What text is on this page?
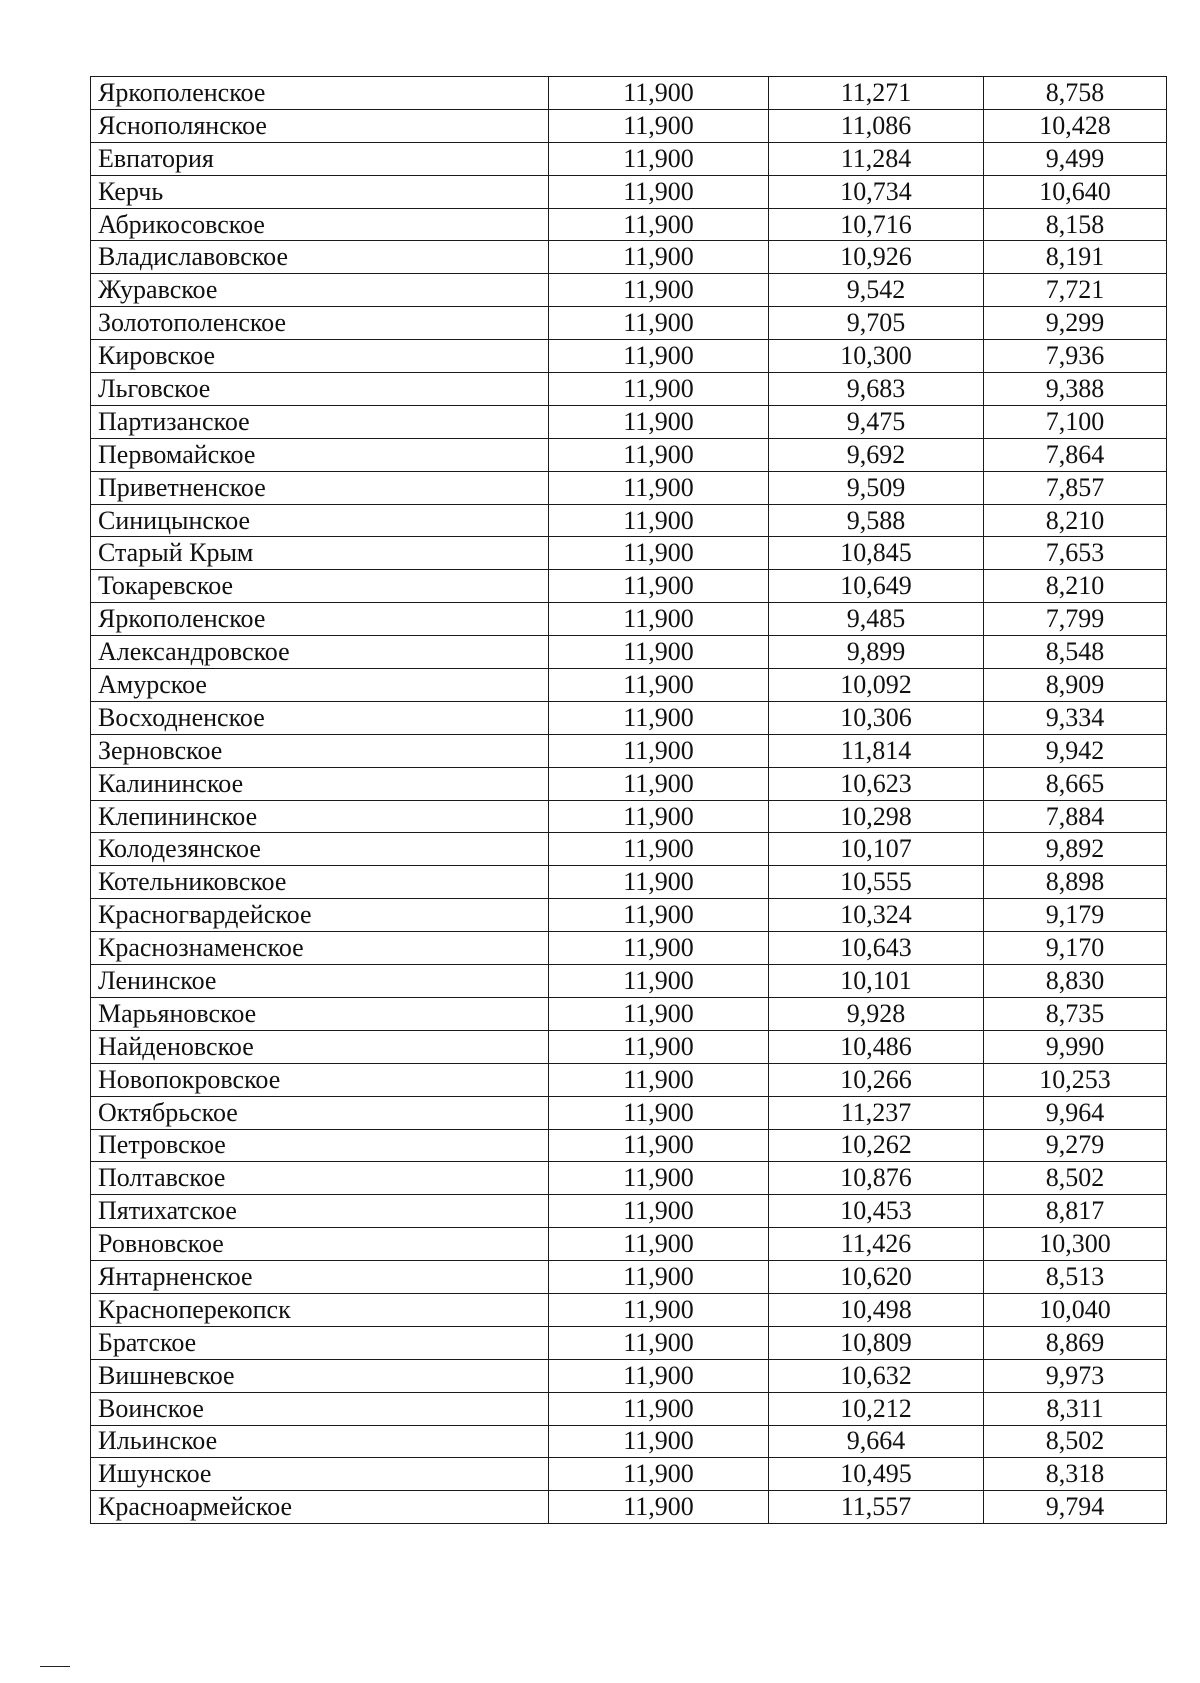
Яркополенское	11,900	11,271	8,758
Яснополянское	11,900	11,086	10,428
Евпатория	11,900	11,284	9,499
Керчь	11,900	10,734	10,640
Абрикосовское	11,900	10,716	8,158
Владиславовское	11,900	10,926	8,191
Журавское	11,900	9,542	7,721
Золотополенское	11,900	9,705	9,299
Кировское	11,900	10,300	7,936
Льговское	11,900	9,683	9,388
Партизанское	11,900	9,475	7,100
Первомайское	11,900	9,692	7,864
Приветненское	11,900	9,509	7,857
Синицынское	11,900	9,588	8,210
Старый Крым	11,900	10,845	7,653
Токаревское	11,900	10,649	8,210
Яркополенское	11,900	9,485	7,799
Александровское	11,900	9,899	8,548
Амурское	11,900	10,092	8,909
Восходненское	11,900	10,306	9,334
Зерновское	11,900	11,814	9,942
Калининское	11,900	10,623	8,665
Клепининское	11,900	10,298	7,884
Колодезянское	11,900	10,107	9,892
Котельниковское	11,900	10,555	8,898
Красногвардейское	11,900	10,324	9,179
Краснознаменское	11,900	10,643	9,170
Ленинское	11,900	10,101	8,830
Марьяновское	11,900	9,928	8,735
Найденовское	11,900	10,486	9,990
Новопокровское	11,900	10,266	10,253
Октябрьское	11,900	11,237	9,964
Петровское	11,900	10,262	9,279
Полтавское	11,900	10,876	8,502
Пятихатское	11,900	10,453	8,817
Ровновское	11,900	11,426	10,300
Янтарненское	11,900	10,620	8,513
Красноперекопск	11,900	10,498	10,040
Братское	11,900	10,809	8,869
Вишневское	11,900	10,632	9,973
Воинское	11,900	10,212	8,311
Ильинское	11,900	9,664	8,502
Ишунское	11,900	10,495	8,318
Красноармейское	11,900	11,557	9,794
